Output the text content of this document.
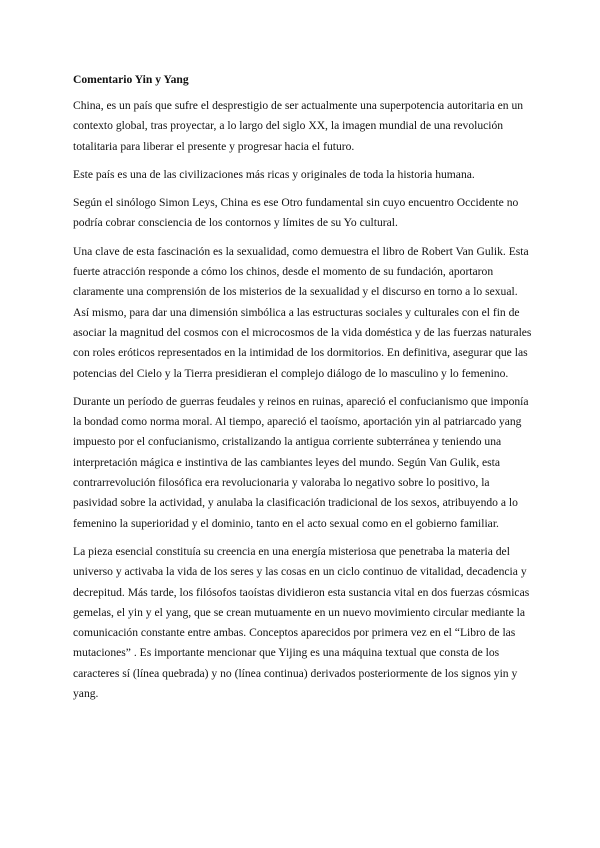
Comentario Yin y Yang

China, es un país que sufre el desprestigio de ser actualmente una superpotencia autoritaria en un contexto global, tras proyectar, a lo largo del siglo XX, la imagen mundial de una revolución totalitaria para liberar el presente y progresar hacia el futuro.

Este país es una de las civilizaciones más ricas y originales de toda la historia humana.

Según el sinólogo Simon Leys, China es ese Otro fundamental sin cuyo encuentro Occidente no podría cobrar consciencia de los contornos y límites de su Yo cultural.

Una clave de esta fascinación es la sexualidad, como demuestra el libro de Robert Van Gulik. Esta fuerte atracción responde a cómo los chinos, desde el momento de su fundación, aportaron claramente una comprensión de los misterios de la sexualidad y el discurso en torno a lo sexual. Así mismo, para dar una dimensión simbólica a las estructuras sociales y culturales con el fin de asociar la magnitud del cosmos con el microcosmos de la vida doméstica y de las fuerzas naturales con roles eróticos representados en la intimidad de los dormitorios. En definitiva, asegurar que las potencias del Cielo y la Tierra presidieran el complejo diálogo de lo masculino y lo femenino.

Durante un período de guerras feudales y reinos en ruinas, apareció el confucianismo que imponía la bondad como norma moral. Al tiempo, apareció el taoísmo, aportación yin al patriarcado yang impuesto por el confucianismo, cristalizando la antigua corriente subterránea y teniendo una interpretación mágica e instintiva de las cambiantes leyes del mundo. Según Van Gulik, esta contrarrevolución filosófica era revolucionaria y valoraba lo negativo sobre lo positivo, la pasividad sobre la actividad, y anulaba la clasificación tradicional de los sexos, atribuyendo a lo femenino la superioridad y el dominio, tanto en el acto sexual como en el gobierno familiar.

La pieza esencial constituía su creencia en una energía misteriosa que penetraba la materia del universo y activaba la vida de los seres y las cosas en un ciclo continuo de vitalidad, decadencia y decrepitud. Más tarde, los filósofos taoístas dividieron esta sustancia vital en dos fuerzas cósmicas gemelas, el yin y el yang, que se crean mutuamente en un nuevo movimiento circular mediante la comunicación constante entre ambas. Conceptos aparecidos por primera vez en el “Libro de las mutaciones” . Es importante mencionar que Yijing es una máquina textual que consta de los caracteres sí (línea quebrada) y no (línea continua) derivados posteriormente de los signos yin y yang.
